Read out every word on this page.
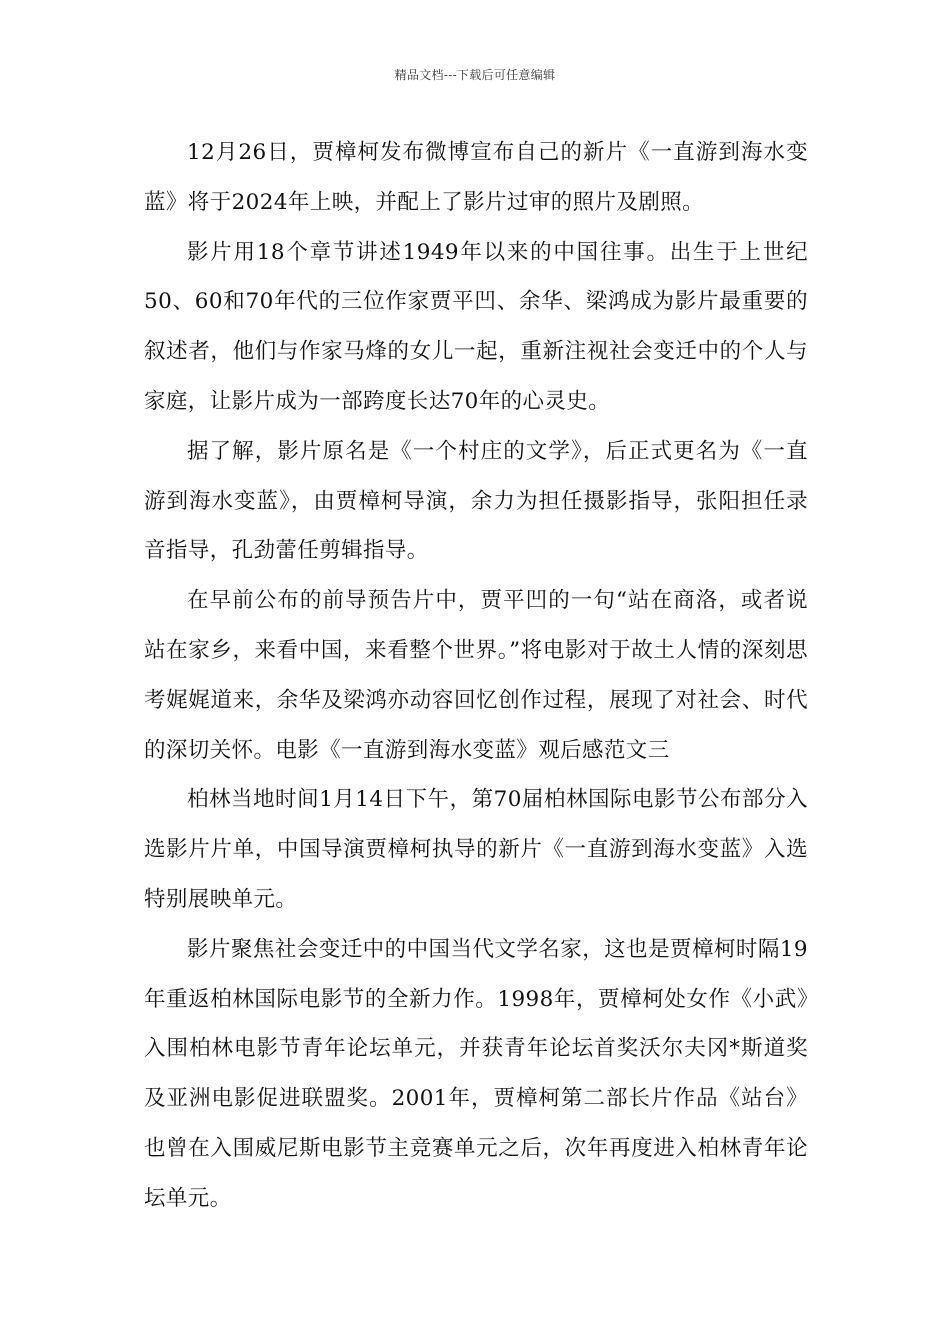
精品文档---下载后可任意编辑

12月26日，贾樟柯发布微博宣布自己的新片《一直游到海水变蓝》将于2024年上映，并配上了影片过审的照片及剧照。

影片用18个章节讲述1949年以来的中国往事。出生于上世纪50、60和70年代的三位作家贾平凹、余华、梁鸿成为影片最重要的叙述者，他们与作家马烽的女儿一起，重新注视社会变迁中的个人与家庭，让影片成为一部跨度长达70年的心灵史。

据了解，影片原名是《一个村庄的文学》，后正式更名为《一直游到海水变蓝》，由贾樟柯导演，余力为担任摄影指导，张阳担任录音指导，孔劲蕾任剪辑指导。

在早前公布的前导预告片中，贾平凹的一句“站在商洛，或者说站在家乡，来看中国，来看整个世界。”将电影对于故土人情的深刻思考娓娓道来，余华及梁鸿亦动容回忆创作过程，展现了对社会、时代的深切关怀。电影《一直游到海水变蓝》观后感范文三

柏林当地时间1月14日下午，第70届柏林国际电影节公布部分入选影片片单，中国导演贾樟柯执导的新片《一直游到海水变蓝》入选特别展映单元。

影片聚焦社会变迁中的中国当代文学名家，这也是贾樟柯时隔19年重返柏林国际电影节的全新力作。1998年，贾樟柯处女作《小武》入围柏林电影节青年论坛单元，并获青年论坛首奖沃尔夫冈*斯道奖及亚洲电影促进联盟奖。2001年，贾樟柯第二部长片作品《站台》也曾在入围威尼斯电影节主竞赛单元之后，次年再度进入柏林青年论坛单元。
